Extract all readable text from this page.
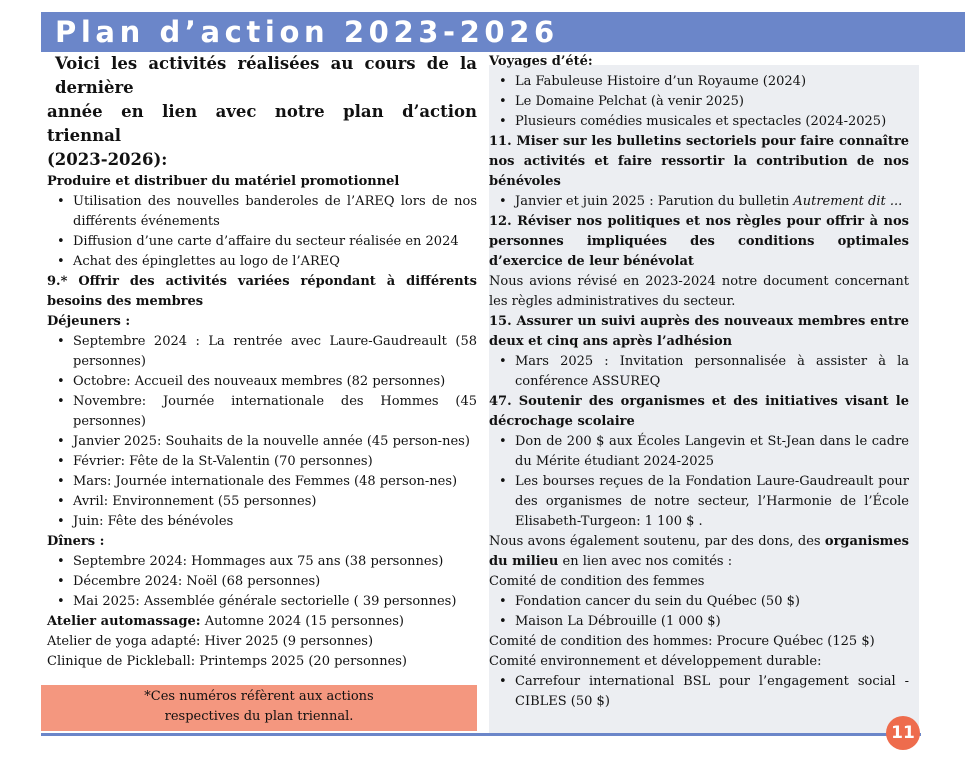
Plan d’action 2023-2026
Voici les activités réalisées au cours de la dernière
année en lien avec notre plan d’action triennal
(2023-2026):
Produire et distribuer du matériel promotionnel
• Utilisation des nouvelles banderoles de l’AREQ lors de nos différents événements
• Diffusion d’une carte d’affaire du secteur réalisée en 2024
• Achat des épinglettes au logo de l’AREQ
9.* Offrir des activités variées répondant à différents besoins des membres
Déjeuners :
• Septembre 2024 : La rentrée avec Laure-Gaudreault (58 personnes)
• Octobre: Accueil des nouveaux membres (82 personnes)
• Novembre: Journée internationale des Hommes (45 personnes)
• Janvier 2025: Souhaits de la nouvelle année (45 person-nes)
• Février: Fête de la St-Valentin (70 personnes)
• Mars: Journée internationale des Femmes (48 person-nes)
• Avril: Environnement (55 personnes)
• Juin: Fête des bénévoles
Dîners :
• Septembre 2024: Hommages aux 75 ans (38 personnes)
• Décembre 2024: Noël (68 personnes)
• Mai 2025: Assemblée générale sectorielle ( 39 personnes)
Atelier automassage: Automne 2024 (15 personnes)
Atelier de yoga adapté: Hiver 2025 (9 personnes)
Clinique de Pickleball: Printemps 2025 (20 personnes)
*Ces numéros réfèrent aux actions
respectives du plan triennal.
Voyages d’été:
• La Fabuleuse Histoire d’un Royaume (2024)
• Le Domaine Pelchat (à venir 2025)
• Plusieurs comédies musicales et spectacles (2024-2025)
11. Miser sur les bulletins sectoriels pour faire connaître nos activités et faire ressortir la contribution de nos bénévoles
• Janvier et juin 2025 : Parution du bulletin Autrement dit ...
12. Réviser nos politiques et nos règles pour offrir à nos personnes impliquées des conditions optimales d’exercice de leur bénévolat
Nous avions révisé en 2023-2024 notre document concernant les règles administratives du secteur.
15. Assurer un suivi auprès des nouveaux membres entre deux et cinq ans après l’adhésion
• Mars 2025 : Invitation personnalisée à assister à la conférence ASSUREQ
47. Soutenir des organismes et des initiatives visant le décrochage scolaire
• Don de 200 $ aux Écoles Langevin et St-Jean dans le cadre du Mérite étudiant 2024-2025
• Les bourses reçues de la Fondation Laure-Gaudreault pour des organismes de notre secteur, l’Harmonie de l’École Elisabeth-Turgeon: 1 100 $ .
Nous avons également soutenu, par des dons, des organismes du milieu en lien avec nos comités :
Comité de condition des femmes
• Fondation cancer du sein du Québec (50 $)
• Maison La Débrouille (1 000 $)
Comité de condition des hommes: Procure Québec (125 $)
Comité environnement et développement durable:
• Carrefour international BSL pour l’engagement social - CIBLES (50 $)
11
